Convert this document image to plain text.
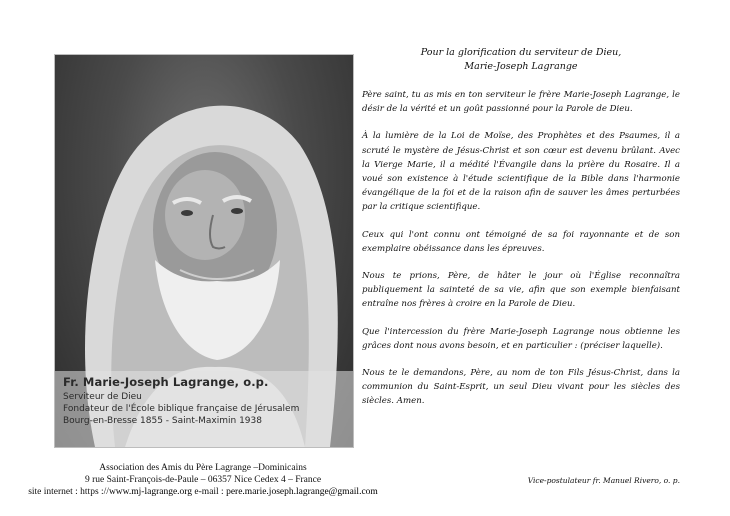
Fr. Marie-Joseph Lagrange, o.p.
Serviteur de Dieu
Fondateur de l'École biblique française de Jérusalem
Bourg-en-Bresse 1855 - Saint-Maximin 1938
Association des Amis du Père Lagrange –Dominicains
9 rue Saint-François-de-Paule – 06357 Nice Cedex 4 – France
site internet : https ://www.mj-lagrange.org e-mail : pere.marie.joseph.lagrange@gmail.com
Pour la glorification du serviteur de Dieu,
Marie-Joseph Lagrange

Père saint, tu as mis en ton serviteur le frère Marie-Joseph Lagrange, le désir de la vérité et un goût passionné pour la Parole de Dieu.

À la lumière de la Loi de Moïse, des Prophètes et des Psaumes, il a scruté le mystère de Jésus-Christ et son cœur est devenu brûlant. Avec la Vierge Marie, il a médité l'Évangile dans la prière du Rosaire. Il a voué son existence à l'étude scientifique de la Bible dans l'harmonie évangélique de la foi et de la raison afin de sauver les âmes perturbées par la critique scientifique.

Ceux qui l'ont connu ont témoigné de sa foi rayonnante et de son exemplaire obéissance dans les épreuves.

Nous te prions, Père, de hâter le jour où l'Église reconnaîtra publiquement la sainteté de sa vie, afin que son exemple bienfaisant entraîne nos frères à croire en la Parole de Dieu.

Que l'intercession du frère Marie-Joseph Lagrange nous obtienne les grâces dont nous avons besoin, et en particulier : (préciser laquelle).

Nous te le demandons, Père, au nom de ton Fils Jésus-Christ, dans la communion du Saint-Esprit, un seul Dieu vivant pour les siècles des siècles. Amen.

Vice-postulateur fr. Manuel Rivero, o. p.
